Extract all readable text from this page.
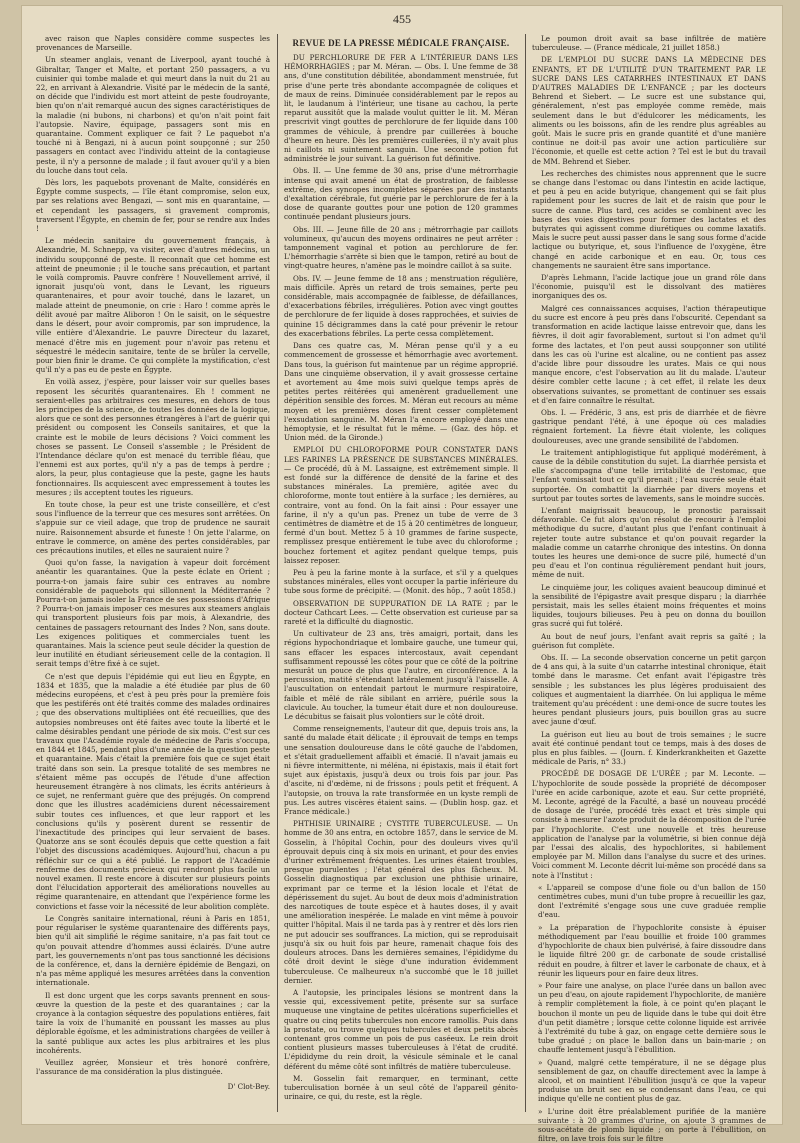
455

avec raison que Naples considère comme suspectes les provenances de Marseille.

Un steamer anglais, venant de Liverpool, ayant touché à Gibraltar, Tanger et Malte, et portant 250 passagers, a vu cuisinier qui tombe malade et qui meurt dans la nuit du 21 au 22, en arrivant à Alexandrie. Visité par le médecin de la santé, on décide que l'individu est mort atteint de peste foudroyante, bien qu'on n'ait remarqué aucun des signes caractéristiques de la maladie (ni bubons, ni charbons) et qu'on n'ait point fait l'autopsie. Navire, équipage, passagers sont mis en quarantaine. Comment expliquer ce fait ? Le paquebot n'a touché ni à Bengazi, ni à aucun point soupçonné ; sur 250 passagers en contact avec l'individu atteint de la contagieuse peste, il n'y a personne de malade ; il faut avouer qu'il y a bien du louche dans tout cela.

Dès lors, les paquebots provenant de Malte, considérés en Égypte comme suspects, — l'île étant compromise, selon eux, par ses relations avec Bengazi, — sont mis en quarantaine, — et cependant les passagers, si gravement compromis, traversent l'Égypte, en chemin de fer, pour se rendre aux Indes !

Le médecin sanitaire du gouvernement français, à Alexandrie, M. Schnepp, va visiter, avec d'autres médecins, un individu soupçonné de peste. Il reconnaît que cet homme est atteint de pneumonie ; il le touche sans précaution, et partant le voilà compromis. Pauvre confrère ! Nouvellement arrivé, il ignorait jusqu'où vont, dans le Levant, les rigueurs quarantenaires, et pour avoir touché, dans le lazaret, un malade atteint de pneumonie, on crie : Haro ! comme après le délit avoué par maître Aliboron ! On le saisit, on le séquestre dans le désert, pour avoir compromis, par son imprudence, la ville entière d'Alexandrie. Le pauvre Directeur du lazaret, menacé d'être mis en jugement pour n'avoir pas retenu et séquestré le médecin sanitaire, tente de se brûler la cervelle, pour bien finir le drame. Ce qui complète la mystification, c'est qu'il n'y a pas eu de peste en Égypte.

En voilà assez, j'espère, pour laisser voir sur quelles bases reposent les sécurités quarantenaires. Eh ! comment ne seraient-elles pas arbitraires ces mesures, en dehors de tous les principes de la science, de toutes les données de la logique, alors que ce sont des personnes étrangères à l'art de guérir qui président ou composent les Conseils sanitaires, et que la crainte est le mobile de leurs décisions ? Voici comment les choses se passent. Le Conseil s'assemble ; le Président de l'Intendance déclare qu'on est menacé du terrible fléau, que l'ennemi est aux portes, qu'il n'y a pas de temps à perdre ; alors, la peur, plus contagieuse que la peste, gagne les hauts fonctionnaires. Ils acquiescent avec empressement à toutes les mesures ; ils acceptent toutes les rigueurs.

En toute chose, la peur est une triste conseillère, et c'est sous l'influence de la terreur que ces mesures sont arrêtées. On s'appuie sur ce vieil adage, que trop de prudence ne saurait nuire. Raisonnement absurde et funeste ! On jette l'alarme, on entrave le commerce, on amène des pertes considérables, par ces précautions inutiles, et elles ne sauraient nuire ?

Quoi qu'on fasse, la navigation à vapeur doit forcément anéantir les quarantaines. Que la peste éclate en Orient ; pourra-t-on jamais faire subir ces entraves au nombre considérable de paquebots qui sillonnent la Méditerranée ? Pourra-t-on jamais isoler la France de ses possessions d'Afrique ? Pourra-t-on jamais imposer ces mesures aux steamers anglais qui transportent plusieurs fois par mois, à Alexandrie, des centaines de passagers retournant des Indes ? Non, sans doute. Les exigences politiques et commerciales tuent les quarantaines. Mais la science peut seule décider la question de leur inutilité en étudiant sérieusement celle de la contagion. Il serait temps d'être fixé à ce sujet.

Ce n'est que depuis l'épidémie qui eut lieu en Égypte, en 1834 et 1835, que la maladie a été étudiée par plus de 60 médecins européens, et c'est à peu près pour la première fois que les pestiférés ont été traités comme des malades ordinaires ; que des observations multipliées ont été recueillies, que des autopsies nombreuses ont été faites avec toute la liberté et le calme désirables pendant une période de six mois. C'est sur ces travaux que l'Académie royale de médecine de Paris s'occupa, en 1844 et 1845, pendant plus d'une année de la question peste et quarantaine. Mais c'était la première fois que ce sujet était traité dans son sein. La presque totalité de ses membres ne s'étaient même pas occupés de l'étude d'une affection heureusement étrangère à nos climats, les écrits antérieurs à ce sujet, ne renfermant guère que des préjugés. On comprend donc que les illustres académiciens durent nécessairement subir toutes ces influences, et que leur rapport et les conclusions qu'ils y posèrent durent se ressentir de l'inexactitude des principes qui leur servaient de bases. Quatorze ans se sont écoulés depuis que cette question a fait l'objet des discussions académiques. Aujourd'hui, chacun a pu réfléchir sur ce qui a été publié. Le rapport de l'Académie renferme des documents précieux qui rendront plus facile un nouvel examen. Il reste encore à discuter sur plusieurs points dont l'élucidation apporterait des améliorations nouvelles au régime quarantenaire, en attendant que l'expérience forme les convictions et fasse voir la nécessité de leur abolition complète.

Le Congrès sanitaire international, réuni à Paris en 1851, pour régulariser le système quarantenaire des différents pays, bien qu'il ait simplifié le régime sanitaire, n'a pas fait tout ce qu'on pouvait attendre d'hommes aussi éclairés. D'une autre part, les gouvernements n'ont pas tous sanctionné les décisions de la conférence, et, dans la dernière épidémie de Bengazi, on n'a pas même appliqué les mesures arrêtées dans la convention internationale.

Il est donc urgent que les corps savants prennent en sous-œuvre la question de la peste et des quarantaines ; car la croyance à la contagion séquestre des populations entières, fait taire la voix de l'humanité en poussant les masses au plus déplorable égoïsme, et les administrations chargées de veiller à la santé publique aux actes les plus arbitraires et les plus incohérents.

Veuillez agréer, Monsieur et très honoré confrère, l'assurance de ma considération la plus distinguée.

D' Clot-Bey.
REVUE DE LA PRESSE MÉDICALE FRANÇAISE.

DU PERCHLORURE DE FER A L'INTÉRIEUR DANS LES HÉMORRHAGIES ; par M. Méran. — Obs. I. Une femme de 38 ans, d'une constitution débilitée, abondamment menstruée, fut prise d'une perte très abondante accompagnée de coliques et de maux de reins. Diminuée considérablement par le repos au lit, le laudanum à l'intérieur, une tisane au cachou, la perte reparut aussitôt que la malade voulut quitter le lit. M. Méran prescrivit vingt gouttes de perchlorure de fer liquide dans 100 grammes de véhicule, à prendre par cuillerées à bouche d'heure en heure. Dès les premières cuillerées, il n'y avait plus ni caillots ni suintement sanguin. Une seconde potion fut administrée le jour suivant. La guérison fut définitive.

Obs. II. — Une femme de 30 ans, prise d'une métrorrhagie intense qui avait amené un état de prostration, de faiblesse extrême, des syncopes incomplètes séparées par des instants d'exaltation cérébrale, fut guérie par le perchlorure de fer à la dose de quarante gouttes pour une potion de 120 grammes continuée pendant plusieurs jours.

Obs. III. — Jeune fille de 20 ans ; métrorrhagie par caillots volumineux, qu'aucun des moyens ordinaires ne peut arrêter : tamponnement vaginal et potion au perchlorure de fer. L'hémorrhagie s'arrête si bien que le tampon, retiré au bout de vingt-quatre heures, n'amène pas le moindre caillot à sa suite.

Obs. IV. — Jeune femme de 18 ans ; menstruation régulière, mais difficile. Après un retard de trois semaines, perte peu considérable, mais accompagnée de faiblesse, de défaillances, d'exacerbations fébriles, irrégulières. Potion avec vingt gouttes de perchlorure de fer liquide à doses rapprochées, et suivies de quinine 15 décigrammes dans la caté pour prévenir le retour des exacerbations fébriles. La perte cessa complètement.

Dans ces quatre cas, M. Méran pense qu'il y a eu commencement de grossesse et hémorrhagie avec avortement. Dans tous, la guérison fut maintenue par un régime approprié. Dans une cinquième observation, il y avait grossesse certaine et avortement au 4me mois suivi quelque temps après de petites pertes réitérées qui amenèrent graduellement une dépérition sensible des forces. M. Méran eut recours au même moyen et les premières doses firent cesser complètement l'exsudation sanguine. M. Méran l'a encore employé dans une hémoptysie, et le résultat fut le même. — (Gaz. des hôp. et Union méd. de la Gironde.)

EMPLOI DU CHLOROFORME POUR CONSTATER DANS LES FARINES LA PRÉSENCE DE SUBSTANCES MINÉRALES. — Ce procédé, dû à M. Lassaigne, est extrêmement simple. Il est fondé sur la différence de densité de la farine et des substances minérales. La première, agitée avec du chloroforme, monte tout entière à la surface ; les dernières, au contraire, vont au fond. On la fait ainsi : Pour essayer une farine, il n'y a qu'un pas. Prenez un tube de verre de 3 centimètres de diamètre et de 15 à 20 centimètres de longueur, fermé d'un bout. Mettez 5 à 10 grammes de farine suspecte, remplissez presque entièrement le tube avec du chloroforme ; bouchez fortement et agitez pendant quelque temps, puis laissez reposer.

Peu à peu la farine monte à la surface, et s'il y a quelques substances minérales, elles vont occuper la partie inférieure du tube sous forme de précipité. — (Monit. des hôp., 7 août 1858.)

OBSERVATION DE SUPPURATION DE LA RATE ; par le docteur Cathcart Lees. — Cette observation est curieuse par sa rareté et la difficulté du diagnostic.

Un cultivateur de 23 ans, très amaigri, portait, dans les régions hypochondriaque et lombaire gauche, une tumeur qui, sans effacer les espaces intercostaux, avait cependant suffisamment repoussé les côtes pour que ce côté de la poitrine mesurât un pouce de plus que l'autre, en circonférence. A la percussion, matité s'étendant latéralement jusqu'à l'aisselle. A l'auscultation on entendait partout le murmure respiratoire, faible et mêlé de râle sibilant en arrière, puérile sous la clavicule. Au toucher, la tumeur était dure et non douloureuse. Le décubitus se faisait plus volontiers sur le côté droit.

Comme renseignements, l'auteur dit que, depuis trois ans, la santé du malade était délicate ; il éprouvait de temps en temps une sensation douloureuse dans le côté gauche de l'abdomen, et s'était graduellement affaibli et émacié. Il n'avait jamais eu ni fièvre intermittente, ni méléna, ni épistaxis, mais il était fort sujet aux épistaxis, jusqu'à deux ou trois fois par jour. Pas d'ascite, ni d'œdème, ni de frissons ; pouls petit et fréquent. A l'autopsie, on trouva la rate transformée en un kyste rempli de pus. Les autres viscères étaient sains. — (Dublin hosp. gaz. et France médicale.)

PHTHISIE URINAIRE ; CYSTITE TUBERCULEUSE. — Un homme de 30 ans entra, en octobre 1857, dans le service de M. Gosselin, à l'hôpital Cochin, pour des douleurs vives qu'il éprouvait depuis cinq à six mois en urinant, et pour des envies d'uriner extrêmement fréquentes. Les urines étaient troubles, presque purulentes ; l'état général des plus fâcheux. M. Gosselin diagnostiqua par exclusion une phthisie urinaire, exprimant par ce terme et la lésion locale et l'état de dépérissement du sujet. Au bout de deux mois d'administration des narcotiques de toute espèce et à hautes doses, il y avait une amélioration inespérée. Le malade en vint même à pouvoir quitter l'hôpital. Mais il ne tarda pas à y rentrer et dès lors rien ne put adoucir ses souffrances. La miction, qui se reproduisait jusqu'à six ou huit fois par heure, ramenait chaque fois des douleurs atroces. Dans les dernières semaines, l'épididyme du côté droit devint le siège d'une induration évidemment tuberculeuse. Ce malheureux n'a succombé que le 18 juillet dernier.

A l'autopsie, les principales lésions se montrent dans la vessie qui, excessivement petite, présente sur sa surface muqueuse une vingtaine de petites ulcérations superficielles et quatre ou cinq petits tubercules non encore ramollis. Puis dans la prostate, ou trouve quelques tubercules et deux petits abcès contenant gros comme un pois de pus caséeux. Le rein droit contient plusieurs masses tuberculeuses à l'état de crudité. L'épididyme du rein droit, la vésicule séminale et le canal déférent du même côté sont infiltrés de matière tuberculeuse.

M. Gosselin fait remarquer, en terminant, cette tuberculisation bornée à un seul côté de l'appareil génito-urinaire, ce qui, du reste, est la règle.

Le poumon droit avait sa base infiltrée de matière tuberculeuse. — (France médicale, 21 juillet 1858.)

DE L'EMPLOI DU SUCRE DANS LA MÉDECINE DES ENFANTS, ET DE L'UTILITÉ D'UN TRAITEMENT PAR LE SUCRE DANS LES CATARRHES INTESTINAUX ET DANS D'AUTRES MALADIES DE L'ENFANCE ; par les docteurs Behrend et Siebert. — Le sucre est une substance qui, généralement, n'est pas employée comme remède, mais seulement dans le but d'édulcorer les médicaments, les aliments ou les boissons, afin de les rendre plus agréables au goût. Mais le sucre pris en grande quantité et d'une manière continue ne doit-il pas avoir une action particulière sur l'économie, et quelle est cette action ? Tel est le but du travail de MM. Behrend et Sieber.

Les recherches des chimistes nous apprennent que le sucre se change dans l'estomac ou dans l'intestin en acide lactique, et peu à peu en acide butyrique, changement qui se fait plus rapidement pour les sucres de lait et de raisin que pour le sucre de canne. Plus tard, ces acides se combinent avec les bases des voies digestives pour former des lactates et des butyrates qui agissent comme diurétiques ou comme laxatifs. Mais le sucre peut aussi passer dans le sang sous forme d'acide lactique ou butyrique, et, sous l'influence de l'oxygène, être changé en acide carbonique et en eau. Or, tous ces changements ne sauraient être sans importance.

D'après Lehmann, l'acide lactique joue un grand rôle dans l'économie, puisqu'il est le dissolvant des matières inorganiques des os.

Malgré ces connaissances acquises, l'action thérapeutique du sucre est encore à peu près dans l'obscurité. Cependant sa transformation en acide lactique laisse entrevoir que, dans les fièvres, il doit agir favorablement, surtout si l'on admet qu'il forme des lactates, et l'on peut aussi soupçonner son utilité dans les cas où l'urine est alcaline, ou ne contient pas assez d'acide libre pour dissoudre les urates. Mais ce qui nous manque encore, c'est l'observation au lit du malade. L'auteur désire combler cette lacune ; à cet effet, il relate les deux observations suivantes, se promettant de continuer ses essais et d'en faire connaître le résultat.

Obs. I. — Frédéric, 3 ans, est pris de diarrhée et de fièvre gastrique pendant l'été, à une époque où ces maladies régnaient fortement. La fièvre était violente, les coliques douloureuses, avec une grande sensibilité de l'abdomen.

Le traitement antiphlogistique fut appliqué modérément, à cause de la débile constitution du sujet. La diarrhée persista et elle s'accompagna d'une telle irritabilité de l'estomac, que l'enfant vomissait tout ce qu'il prenait ; l'eau sucrée seule était supportée. On combattit la diarrhée par divers moyens et surtout par toutes sortes de lavements, sans le moindre succès.

L'enfant maigrissait beaucoup, le pronostic paraissait défavorable. Ce fut alors qu'on résolut de recourir à l'emploi méthodique du sucre, d'autant plus que l'enfant continuait à rejeter toute autre substance et qu'on pouvait regarder la maladie comme un catarrhe chronique des intestins. On donna toutes les heures une demi-once de sucre pilé, humecté d'un peu d'eau et l'on continua régulièrement pendant huit jours, même de nuit.

Le cinquième jour, les coliques avaient beaucoup diminué et la sensibilité de l'épigastre avait presque disparu ; la diarrhée persistait, mais les selles étaient moins fréquentes et moins liquides, toujours bilieuses. Peu à peu on donna du bouillon gras sucré qui fut toléré.

Au bout de neuf jours, l'enfant avait repris sa gaîté ; la guérison fut complète.

Obs. II. — La seconde observation concerne un petit garçon de 4 ans qui, à la suite d'un catarrhe intestinal chronique, était tombé dans le marasme. Cet enfant avait l'épigastre très sensible ; les substances les plus légères produisaient des coliques et augmentaient la diarrhée. On lui appliqua le même traitement qu'au précédent : une demi-once de sucre toutes les heures pendant plusieurs jours, puis bouillon gras au sucre avec jaune d'œuf.

La guérison eut lieu au bout de trois semaines ; le sucre avait été continué pendant tout ce temps, mais à des doses de plus en plus faibles. — (Journ. f. Kinderkrankheiten et Gazette médicale de Paris, n° 33.)

PROCÉDÉ DE DOSAGE DE L'URÉE ; par M. Leconte. — L'hypochlorite de soude possède la propriété de décomposer l'urée en acide carbonique, azote et eau. Sur cette propriété, M. Leconte, agrégé de la Faculté, a basé un nouveau procédé de dosage de l'urée, procédé très exact et très simple qui consiste à mesurer l'azote produit de la décomposition de l'urée par l'hypochlorite. C'est une nouvelle et très heureuse application de l'analyse par la volumétrie, si bien connue déjà par l'essai des alcalis, des hypochlorites, si habilement employée par M. Millon dans l'analyse du sucre et des urines. Voici comment M. Leconte décrit lui-même son procédé dans sa note à l'Institut :

« L'appareil se compose d'une fiole ou d'un ballon de 150 centimètres cubes, muni d'un tube propre à recueillir les gaz, dont l'extrémité s'engage sous une cuve graduée remplie d'eau.

» La préparation de l'hypochlorite consiste à épuiser méthodiquement par l'eau bouillie et froide 100 grammes d'hypochlorite de chaux bien pulvérisé, à faire dissoudre dans le liquide filtré 200 gr. de carbonate de soude cristallisé réduit en poudre, à filtrer et laver le carbonate de chaux, et à réunir les liqueurs pour en faire deux litres.

» Pour faire une analyse, on place l'urée dans un ballon avec un peu d'eau, on ajoute rapidement l'hypochlorite, de manière à remplir complètement la fiole, à ce point qu'en plaçant le bouchon il monte un peu de liquide dans le tube qui doit être d'un petit diamètre ; lorsque cette colonne liquide est arrivée à l'extrémité du tube à gaz, on engage cette dernière sous le tube gradué ; on place le ballon dans un bain-marie ; on chauffe lentement jusqu'à l'ébullition.

» Quand, malgré cette température, il ne se dégage plus sensiblement de gaz, on chauffe directement avec la lampe à alcool, et on maintient l'ébullition jusqu'à ce que la vapeur produise un bruit sec en se condensant dans l'eau, ce qui indique qu'elle ne contient plus de gaz.

» L'urine doit être préalablement purifiée de la manière suivante : à 20 grammes d'urine, on ajoute 3 grammes de sous-acétate de plomb liquide ; on porte à l'ébullition, on filtre, on lave trois fois sur le filtre
